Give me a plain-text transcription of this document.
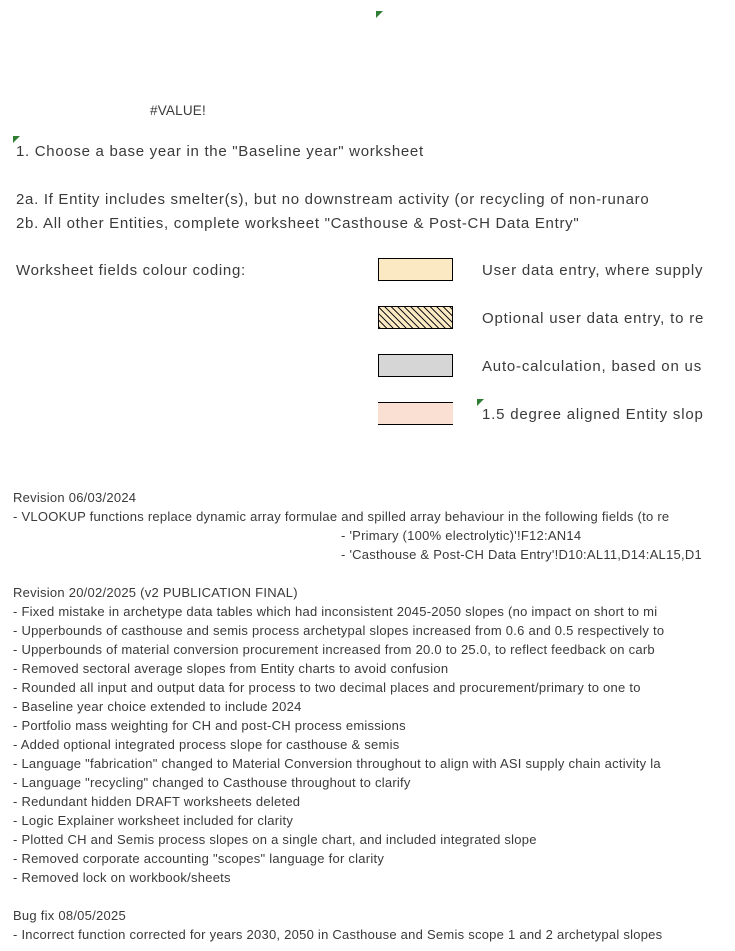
#VALUE!
1. Choose a base year in the "Baseline year" worksheet
2a. If Entity includes smelter(s), but no downstream activity (or recycling of non-runaro
2b. All other Entities, complete worksheet "Casthouse & Post-CH Data Entry"
Worksheet fields colour coding:	User data entry, where supply
Optional user data entry, to re
Auto-calculation, based on us
1.5 degree aligned Entity slop
Revision 06/03/2024
- VLOOKUP functions replace dynamic array formulae and spilled array behaviour in the following fields (to re
- 'Primary (100% electrolytic)'!F12:AN14
- 'Casthouse & Post-CH Data Entry'!D10:AL11,D14:AL15,D1
Revision 20/02/2025 (v2 PUBLICATION FINAL)
- Fixed mistake in archetype data tables which had inconsistent 2045-2050 slopes (no impact on short to mi
- Upperbounds of casthouse and semis process archetypal slopes increased from 0.6 and 0.5 respectively to
- Upperbounds of material conversion procurement increased from 20.0 to 25.0, to reflect feedback on carb
- Removed sectoral average slopes from Entity charts to avoid confusion
- Rounded all input and output data for process to two decimal places and procurement/primary to one to
- Baseline year choice extended to include 2024
- Portfolio mass weighting for CH and post-CH process emissions
- Added optional integrated process slope for casthouse & semis
- Language "fabrication" changed to Material Conversion throughout to align with ASI supply chain activity la
- Language "recycling" changed to Casthouse throughout to clarify
- Redundant hidden DRAFT worksheets deleted
- Logic Explainer worksheet included for clarity
- Plotted CH and Semis process slopes on a single chart, and included integrated slope
- Removed corporate accounting "scopes" language for clarity
- Removed lock on workbook/sheets
Bug fix 08/05/2025
- Incorrect function corrected for years 2030, 2050 in Casthouse and Semis scope 1 and 2 archetypal slopes
